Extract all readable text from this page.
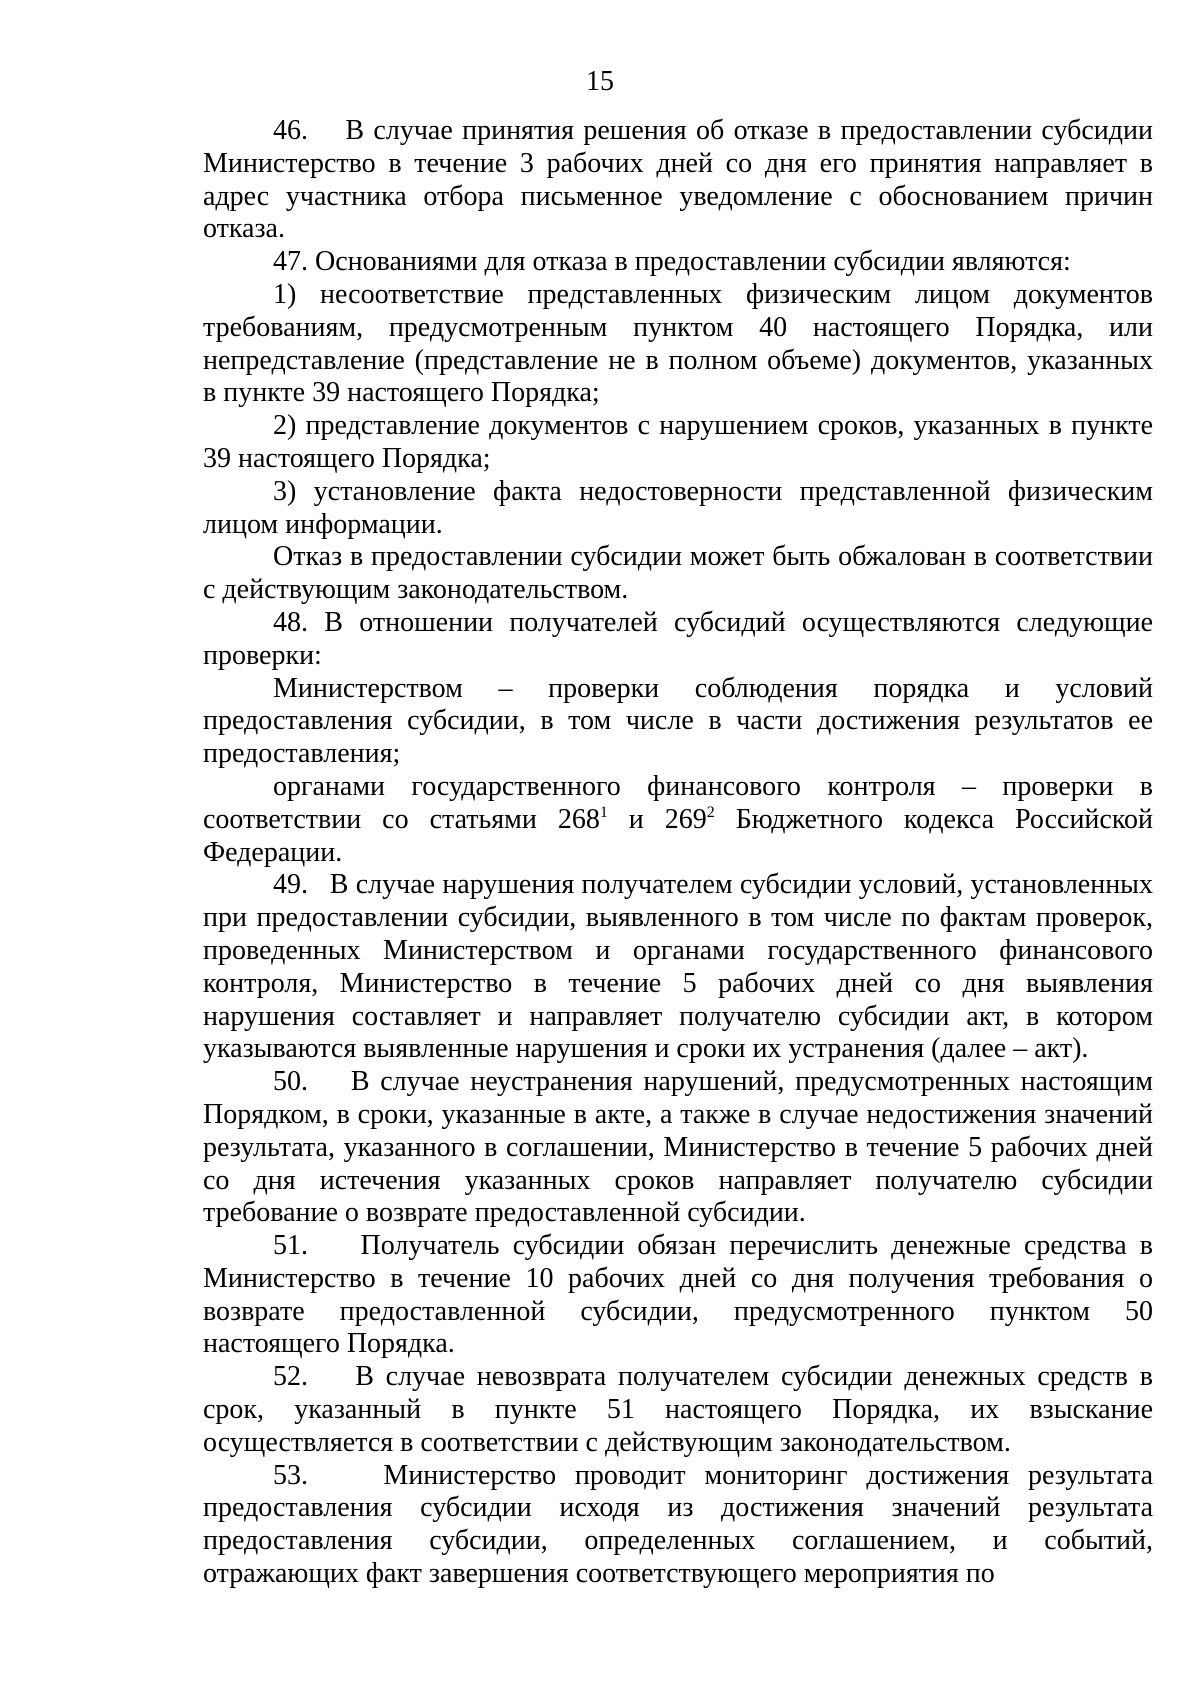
15

46.    В случае принятия решения об отказе в предоставлении субсидии Министерство в течение 3 рабочих дней со дня его принятия направляет в адрес участника отбора письменное уведомление с обоснованием причин отказа.

47. Основаниями для отказа в предоставлении субсидии являются:

1) несоответствие представленных физическим лицом документов требованиям, предусмотренным пунктом 40 настоящего Порядка, или непредставление (представление не в полном объеме) документов, указанных в пункте 39 настоящего Порядка;

2) представление документов с нарушением сроков, указанных в пункте 39 настоящего Порядка;

3) установление факта недостоверности представленной физическим лицом информации.

Отказ в предоставлении субсидии может быть обжалован в соответствии с действующим законодательством.

48. В отношении получателей субсидий осуществляются следующие проверки:

Министерством – проверки соблюдения порядка и условий предоставления субсидии, в том числе в части достижения результатов ее предоставления;

органами государственного финансового контроля – проверки в соответствии со статьями $268^1$ и $269^2$ Бюджетного кодекса Российской Федерации.

49.   В случае нарушения получателем субсидии условий, установленных при предоставлении субсидии, выявленного в том числе по фактам проверок, проведенных Министерством и органами государственного финансового контроля, Министерство в течение 5 рабочих дней со дня выявления нарушения составляет и направляет получателю субсидии акт, в котором указываются выявленные нарушения и сроки их устранения (далее – акт).

50.    В случае неустранения нарушений, предусмотренных настоящим Порядком, в сроки, указанные в акте, а также в случае недостижения значений результата, указанного в соглашении, Министерство в течение 5 рабочих дней со дня истечения указанных сроков направляет получателю субсидии требование о возврате предоставленной субсидии.

51.    Получатель субсидии обязан перечислить денежные средства в Министерство в течение 10 рабочих дней со дня получения требования о возврате предоставленной субсидии, предусмотренного пунктом 50 настоящего Порядка.

52.    В случае невозврата получателем субсидии денежных средств в срок, указанный в пункте 51 настоящего Порядка, их взыскание осуществляется в соответствии с действующим законодательством.

53.    Министерство проводит мониторинг достижения результата предоставления субсидии исходя из достижения значений результата предоставления субсидии, определенных соглашением, и событий, отражающих факт завершения соответствующего мероприятия по
